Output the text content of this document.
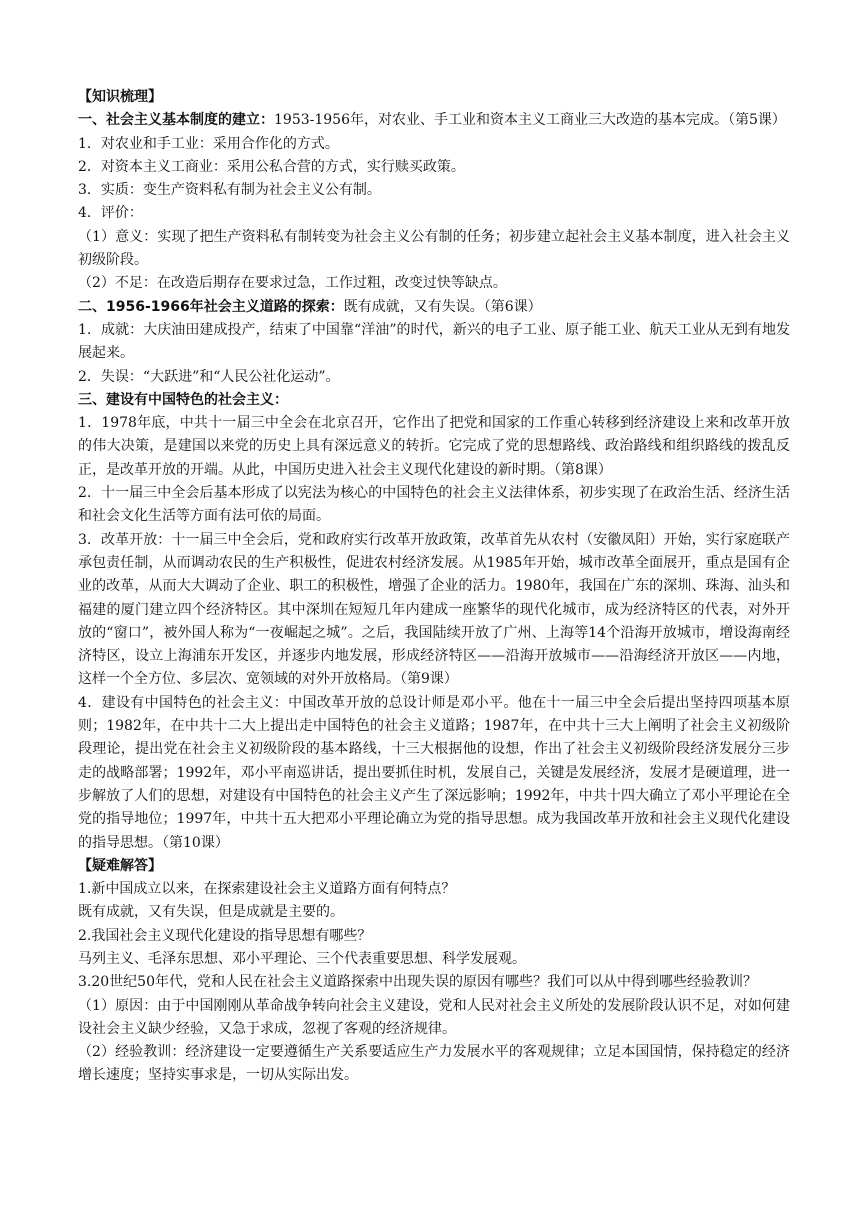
【知识梳理】

一、社会主义基本制度的建立：1953-1956年，对农业、手工业和资本主义工商业三大改造的基本完成。（第5课）

1．对农业和手工业：采用合作化的方式。

2．对资本主义工商业：采用公私合营的方式，实行赎买政策。

3．实质：变生产资料私有制为社会主义公有制。

4．评价：

（1）意义：实现了把生产资料私有制转变为社会主义公有制的任务；初步建立起社会主义基本制度，进入社会主义初级阶段。

（2）不足：在改造后期存在要求过急，工作过粗，改变过快等缺点。

二、1956-1966年社会主义道路的探索：既有成就，又有失误。（第6课）

1．成就：大庆油田建成投产，结束了中国靠“洋油”的时代，新兴的电子工业、原子能工业、航天工业从无到有地发展起来。

2．失误：“大跃进”和“人民公社化运动”。

三、建设有中国特色的社会主义：

1．1978年底，中共十一届三中全会在北京召开，它作出了把党和国家的工作重心转移到经济建设上来和改革开放的伟大决策，是建国以来党的历史上具有深远意义的转折。它完成了党的思想路线、政治路线和组织路线的拨乱反正，是改革开放的开端。从此，中国历史进入社会主义现代化建设的新时期。（第8课）

2．十一届三中全会后基本形成了以宪法为核心的中国特色的社会主义法律体系，初步实现了在政治生活、经济生活和社会文化生活等方面有法可依的局面。

3．改革开放：十一届三中全会后，党和政府实行改革开放政策，改革首先从农村（安徽凤阳）开始，实行家庭联产承包责任制，从而调动农民的生产积极性，促进农村经济发展。从1985年开始，城市改革全面展开，重点是国有企业的改革，从而大大调动了企业、职工的积极性，增强了企业的活力。1980年，我国在广东的深圳、珠海、汕头和福建的厦门建立四个经济特区。其中深圳在短短几年内建成一座繁华的现代化城市，成为经济特区的代表，对外开放的“窗口”，被外国人称为“一夜崛起之城”。之后，我国陆续开放了广州、上海等14个沿海开放城市，增设海南经济特区，设立上海浦东开发区，并逐步内地发展，形成经济特区——沿海开放城市——沿海经济开放区——内地，这样一个全方位、多层次、宽领域的对外开放格局。（第9课）

4．建设有中国特色的社会主义：中国改革开放的总设计师是邓小平。他在十一届三中全会后提出坚持四项基本原则；1982年，在中共十二大上提出走中国特色的社会主义道路；1987年，在中共十三大上阐明了社会主义初级阶段理论，提出党在社会主义初级阶段的基本路线，十三大根据他的设想，作出了社会主义初级阶段经济发展分三步走的战略部署；1992年，邓小平南巡讲话，提出要抓住时机，发展自己，关键是发展经济，发展才是硬道理，进一步解放了人们的思想，对建设有中国特色的社会主义产生了深远影响；1992年，中共十四大确立了邓小平理论在全党的指导地位；1997年，中共十五大把邓小平理论确立为党的指导思想。成为我国改革开放和社会主义现代化建设的指导思想。（第10课）

【疑难解答】

1.新中国成立以来，在探索建设社会主义道路方面有何特点？

既有成就，又有失误，但是成就是主要的。

2.我国社会主义现代化建设的指导思想有哪些？

马列主义、毛泽东思想、邓小平理论、三个代表重要思想、科学发展观。

3.20世纪50年代，党和人民在社会主义道路探索中出现失误的原因有哪些？我们可以从中得到哪些经验教训？

（1）原因：由于中国刚刚从革命战争转向社会主义建设，党和人民对社会主义所处的发展阶段认识不足，对如何建设社会主义缺少经验，又急于求成，忽视了客观的经济规律。

（2）经验教训：经济建设一定要遵循生产关系要适应生产力发展水平的客观规律；立足本国国情，保持稳定的经济增长速度；坚持实事求是，一切从实际出发。
